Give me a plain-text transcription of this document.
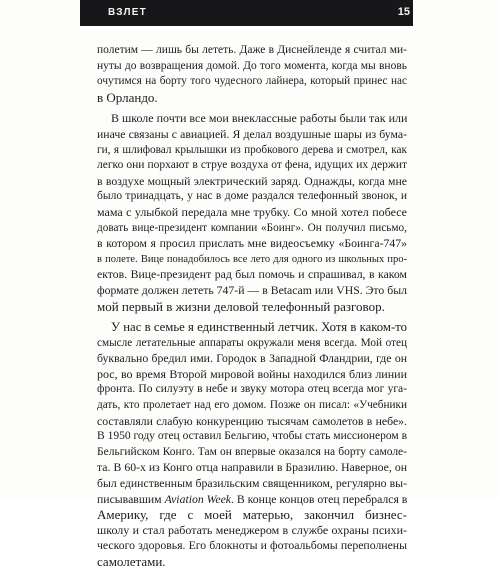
ВЗЛЕТ	15
полетим — лишь бы лететь. Даже в Диснейленде я считал ми-
нуты до возвращения домой. До того момента, когда мы вновь
очутимся на борту того чудесного лайнера, который принес нас
в Орландо.
В школе почти все мои внеклассные работы были так или
иначе связаны с авиацией. Я делал воздушные шары из бума-
ги, я шлифовал крылышки из пробкового дерева и смотрел, как
легко они порхают в струе воздуха от фена, идущих их держит
в воздухе мощный электрический заряд. Однажды, когда мне
было тринадцать, у нас в доме раздался телефонный звонок, и
мама с улыбкой передала мне трубку. Со мной хотел побесе
довать вице-президент компании «Боинг». Он получил письмо,
в котором я просил прислать мне видеосъемку «Боинга-747»
в полете. Вице понадобилось все лето для одного из школьных про-
ектов. Вице-президент рад был помочь и спрашивал, в каком
формате должен лететь 747-й — в Betacam или VHS. Это был
мой первый в жизни деловой телефонный разговор.
У нас в семье я единственный летчик. Хотя в каком-то
смысле летательные аппараты окружали меня всегда. Мой отец
буквально бредил ими. Городок в Западной Фландрии, где он
рос, во время Второй мировой войны находился близ линии
фронта. По силуэту в небе и звуку мотора отец всегда мог уга-
дать, кто пролетает над его домом. Позже он писал: «Учебники
составляли слабую конкуренцию тысячам самолетов в небе».
В 1950 году отец оставил Бельгию, чтобы стать миссионером в
Бельгийском Конго. Там он впервые оказался на борту самоле-
та. В 60-х из Конго отца направили в Бразилию. Наверное, он
был единственным бразильским священником, регулярно вы-
писывавшим Aviation Week. В конце концов отец перебрался в
Америку, где с моей матерью, закончил бизнес-
школу и стал работать менеджером в службе охраны психи-
ческого здоровья. Его блокноты и фотоальбомы переполнены
самолетами.
